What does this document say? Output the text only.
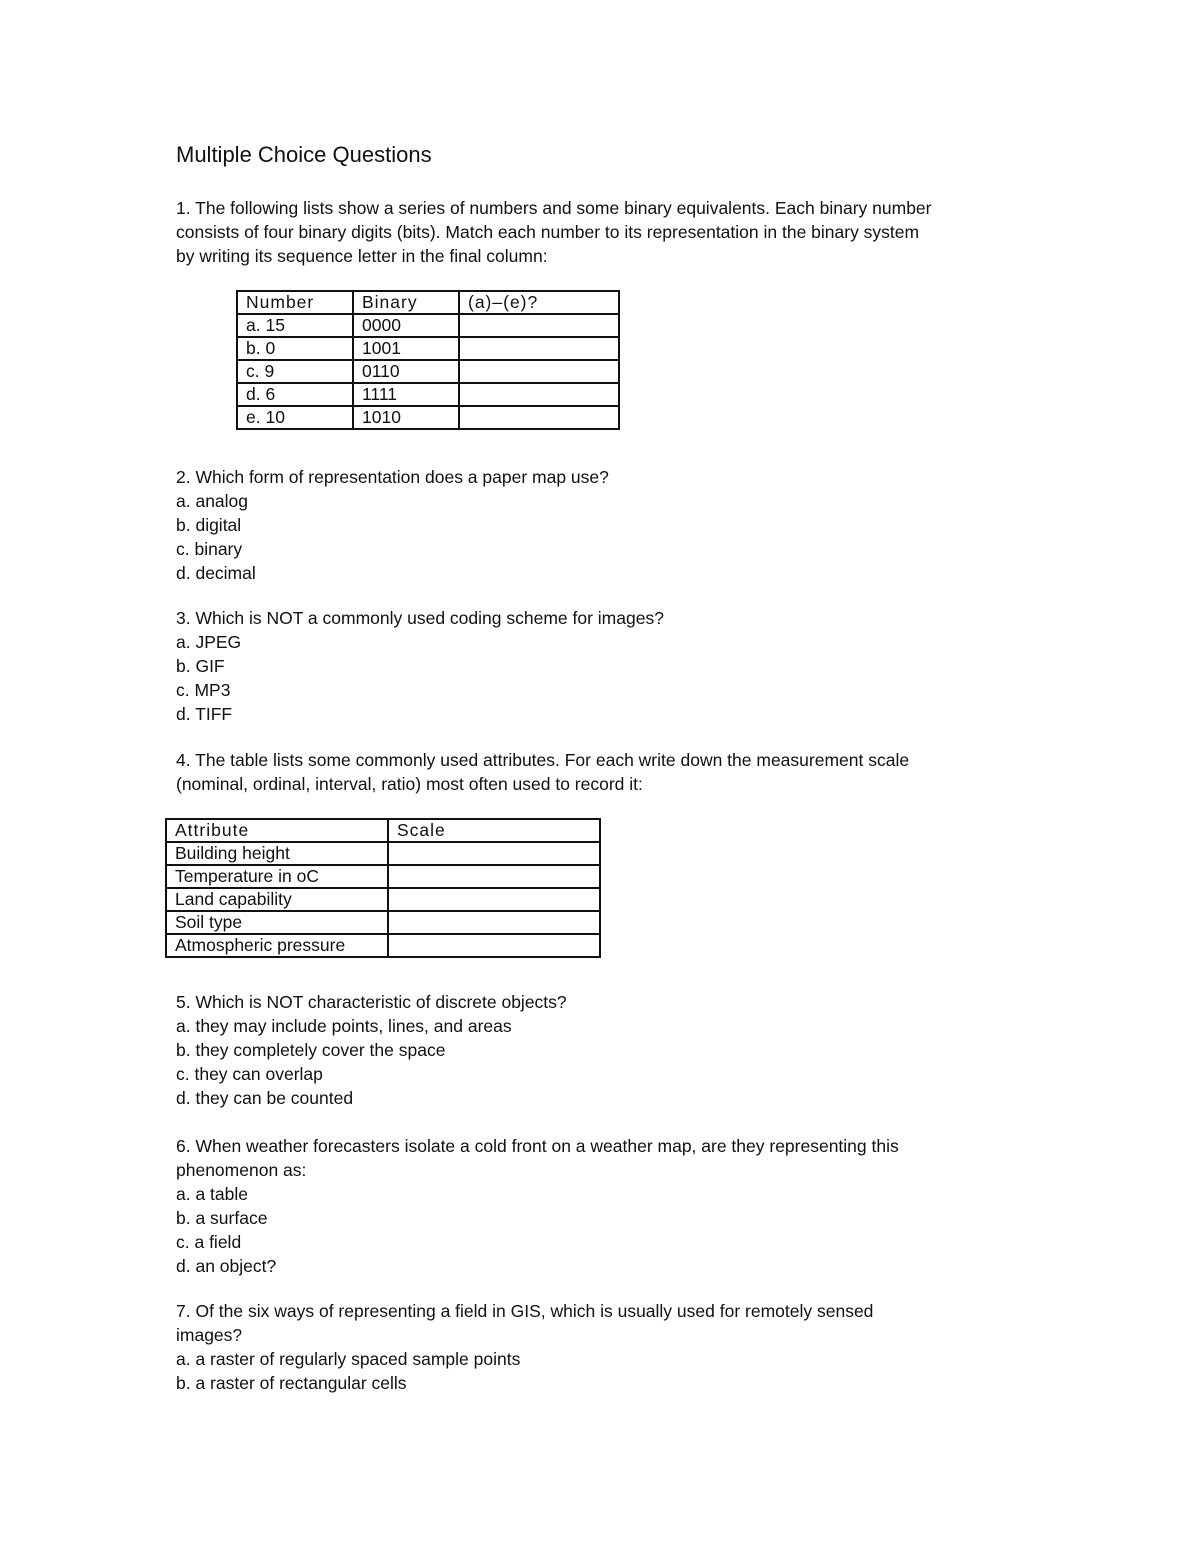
Multiple Choice Questions

1. The following lists show a series of numbers and some binary equivalents. Each binary number

consists of four binary digits (bits). Match each number to its representation in the binary system

by writing its sequence letter in the final column:

Number	Binary	(a)–(e)?
a. 15	0000	
b. 0	1001	
c. 9	0110	
d. 6	1111	
e. 10	1010	

2. Which form of representation does a paper map use?

a. analog

b. digital

c. binary

d. decimal

3. Which is NOT a commonly used coding scheme for images?

a. JPEG

b. GIF

c. MP3

d. TIFF

4. The table lists some commonly used attributes. For each write down the measurement scale

(nominal, ordinal, interval, ratio) most often used to record it:

Attribute	Scale
Building height	
Temperature in oC	
Land capability	
Soil type	
Atmospheric pressure	

5. Which is NOT characteristic of discrete objects?

a. they may include points, lines, and areas

b. they completely cover the space

c. they can overlap

d. they can be counted

6. When weather forecasters isolate a cold front on a weather map, are they representing this

phenomenon as:

a. a table

b. a surface

c. a field

d. an object?

7. Of the six ways of representing a field in GIS, which is usually used for remotely sensed

images?

a. a raster of regularly spaced sample points

b. a raster of rectangular cells
